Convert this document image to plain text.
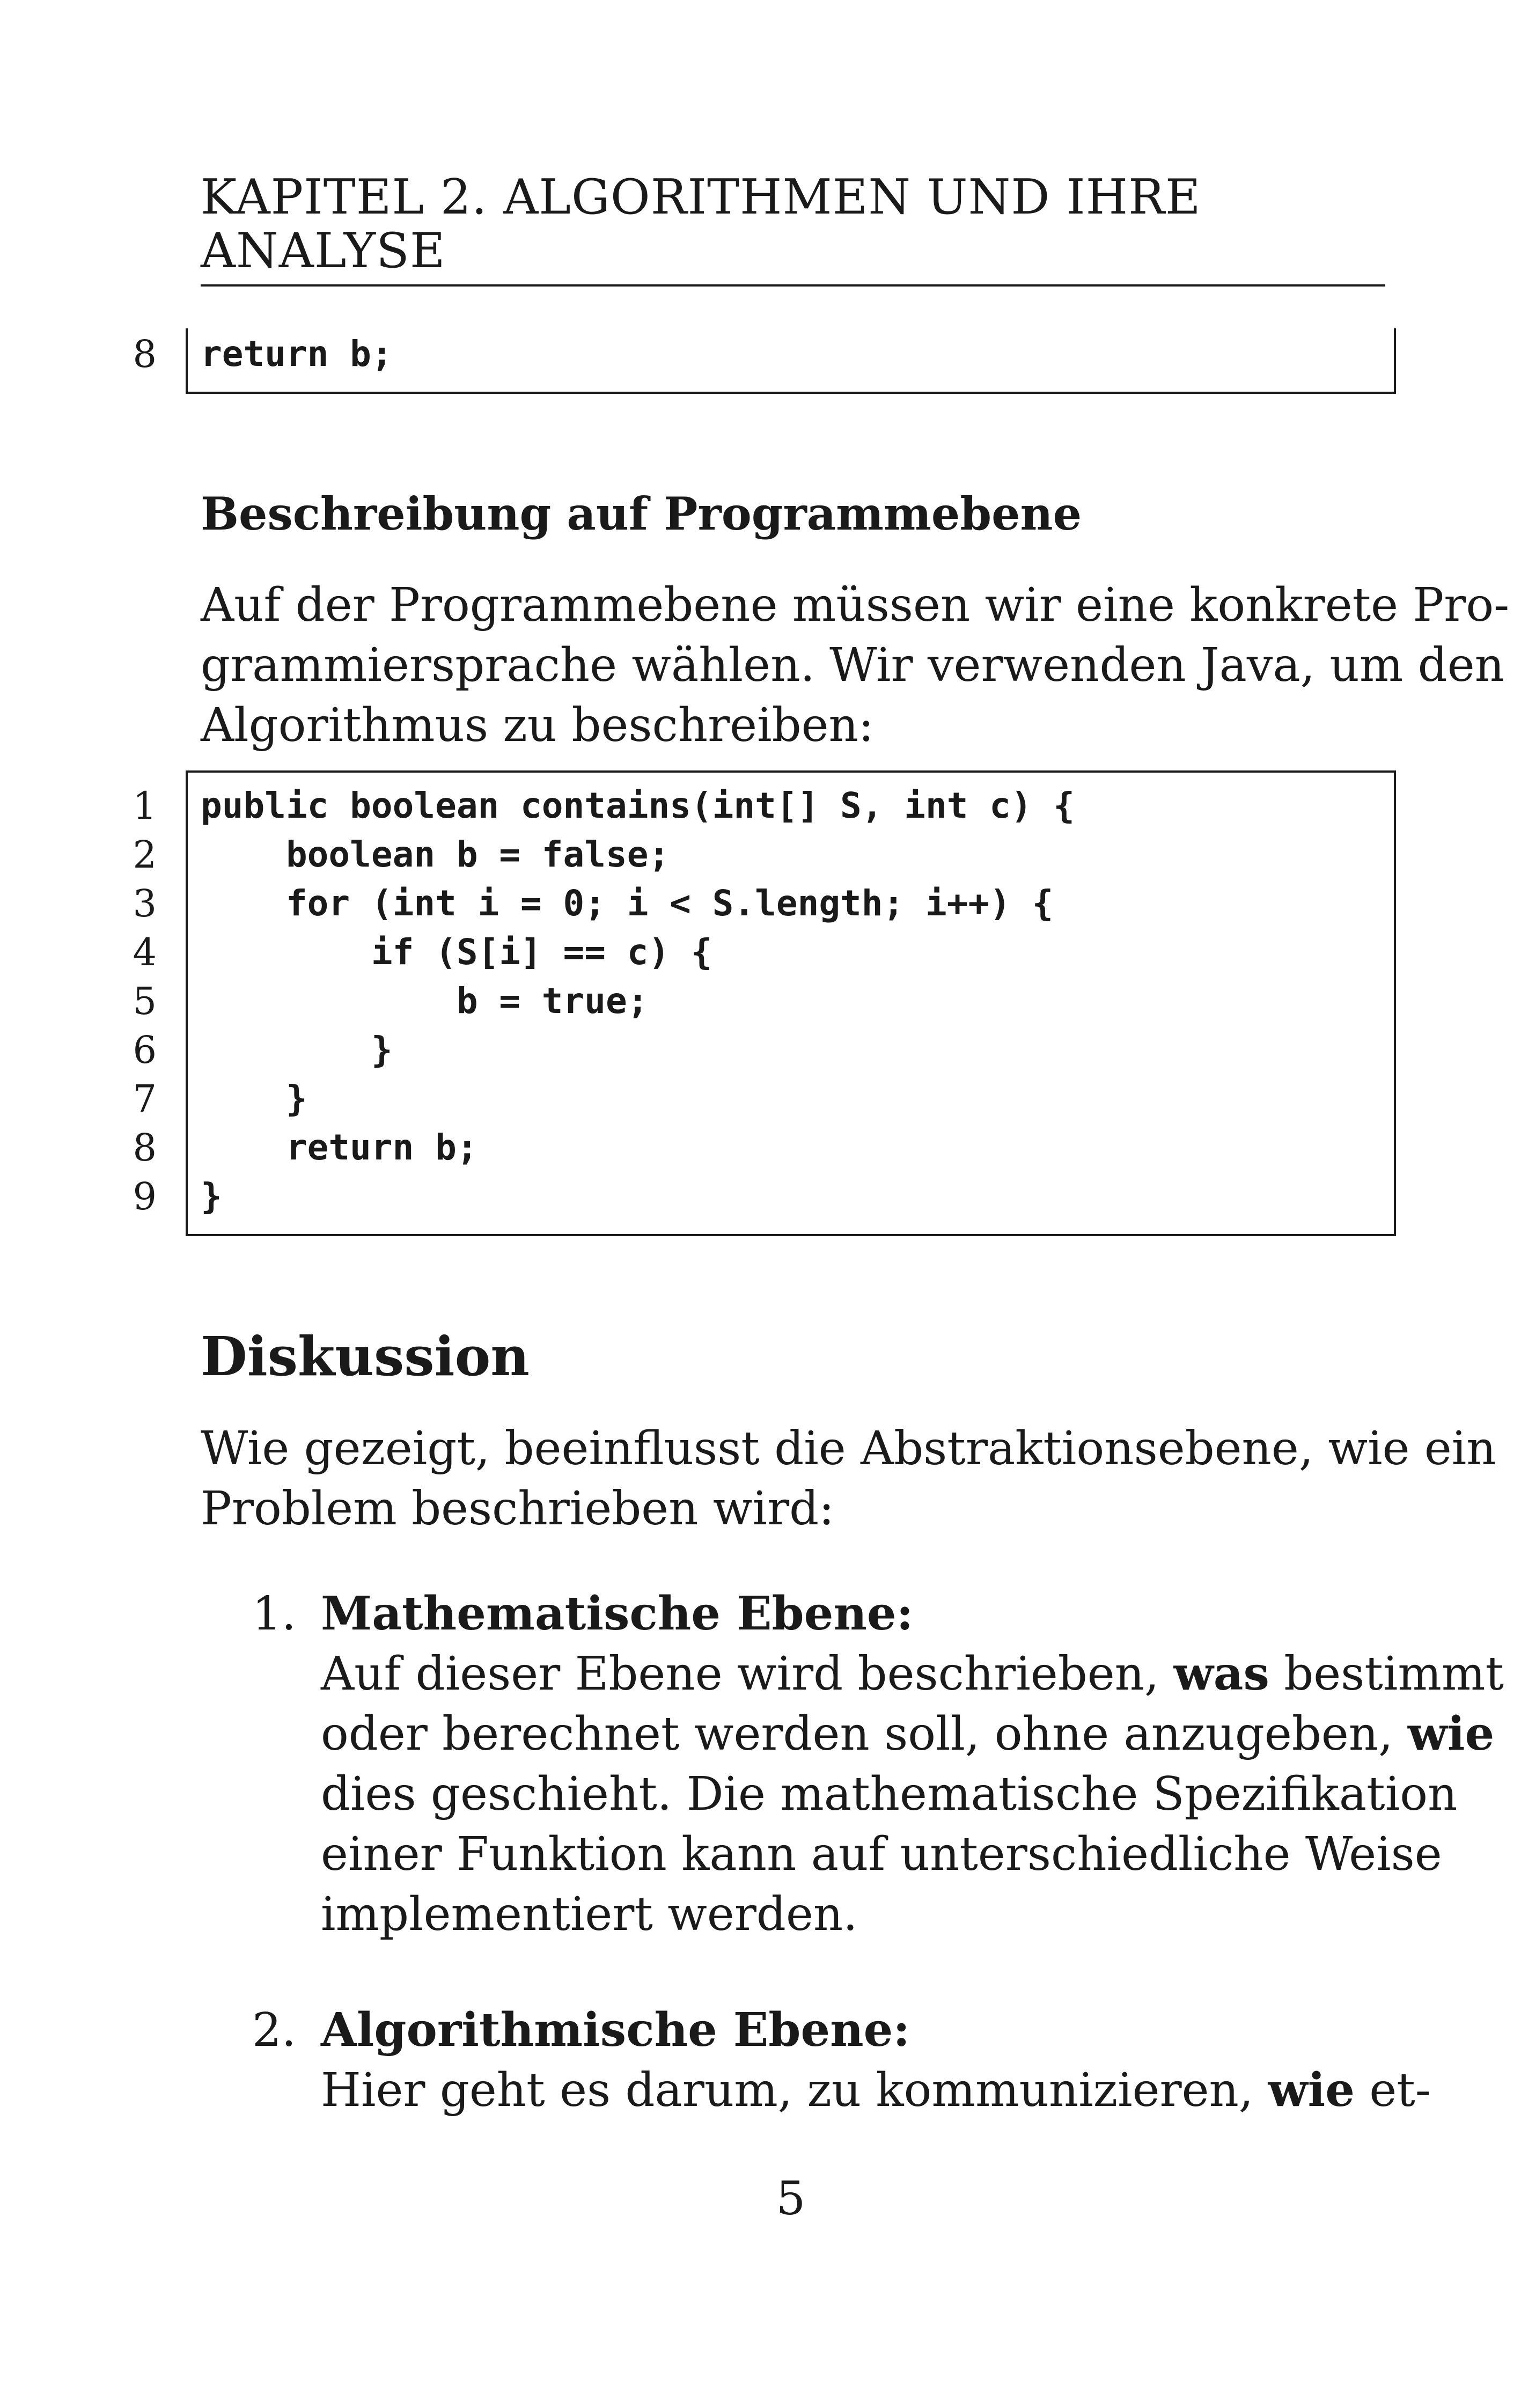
KAPITEL 2. ALGORITHMEN UND IHRE ANALYSE
8 return b;
Beschreibung auf Programmebene
Auf der Programmebene müssen wir eine konkrete Pro-
grammiersprache wählen. Wir verwenden Java, um den
Algorithmus zu beschreiben:
1 public boolean contains(int[] S, int c) {
2 boolean b = false;
3 for (int i = 0; i < S.length; i++) {
4 if (S[i] == c) {
5 b = true;
6 }
7 }
8 return b;
9 }
Diskussion
Wie gezeigt, beeinflusst die Abstraktionsebene, wie ein
Problem beschrieben wird:
1. Mathematische Ebene:
Auf dieser Ebene wird beschrieben, was bestimmt
oder berechnet werden soll, ohne anzugeben, wie
dies geschieht. Die mathematische Spezifikation
einer Funktion kann auf unterschiedliche Weise
implementiert werden.
2. Algorithmische Ebene:
Hier geht es darum, zu kommunizieren, wie et-
5
